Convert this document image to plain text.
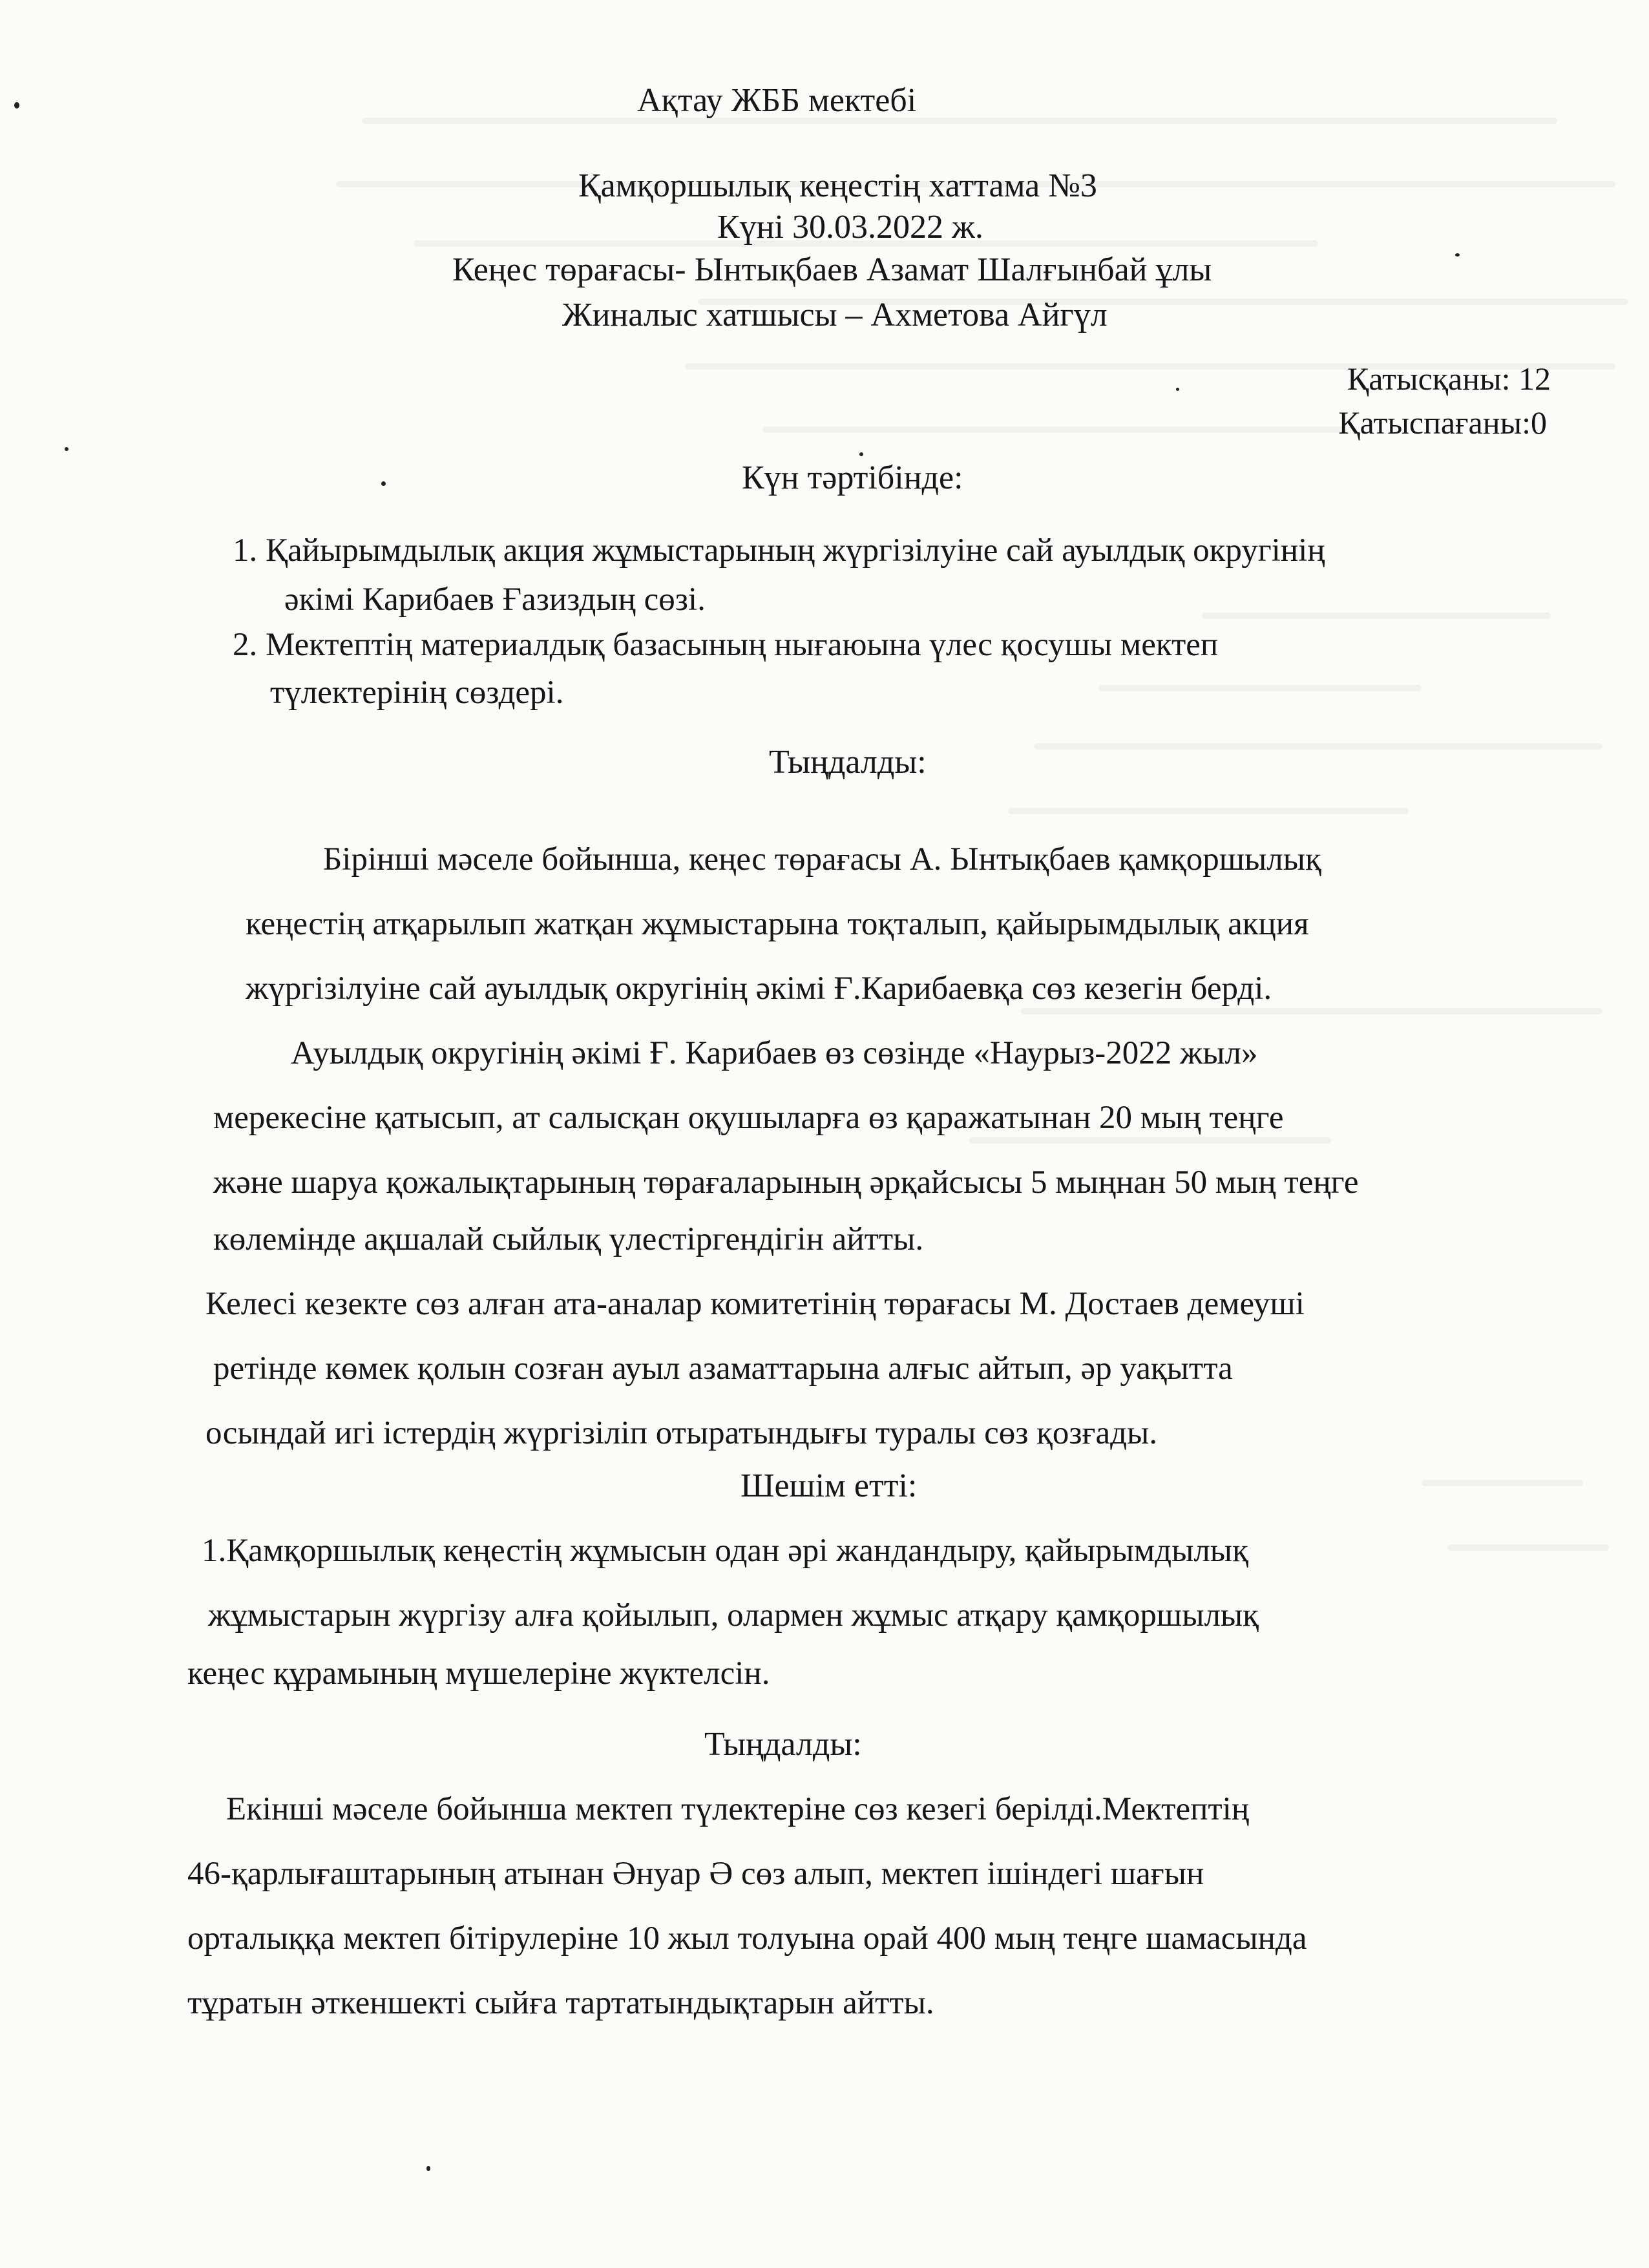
Ақтау ЖББ мектебі
Қамқоршылық кеңестің хаттама №3
Күні 30.03.2022 ж.
Кеңес төрағасы- Ынтықбаев Азамат Шалғынбай ұлы
Жиналыс хатшысы – Ахметова Айгүл
Қатысқаны: 12
Қатыспағаны:0
Күн тәртібінде:
1. Қайырымдылық акция жұмыстарының жүргізілуіне сай ауылдық округінің
әкімі Карибаев Ғазиздың сөзі.
2. Мектептің материалдық базасының нығаюына үлес қосушы мектеп
түлектерінің сөздері.
Тыңдалды:
Бірінші мәселе бойынша, кеңес төрағасы А. Ынтықбаев қамқоршылық
кеңестің атқарылып жатқан жұмыстарына тоқталып, қайырымдылық акция
жүргізілуіне сай ауылдық округінің әкімі Ғ.Карибаевқа сөз кезегін берді.
Ауылдық округінің әкімі Ғ. Карибаев өз сөзінде «Наурыз-2022 жыл»
мерекесіне қатысып, ат салысқан оқушыларға өз қаражатынан 20 мың теңге
және шаруа қожалықтарының төрағаларының әрқайсысы 5 мыңнан 50 мың теңге
көлемінде ақшалай сыйлық үлестіргендігін айтты.
Келесі кезекте сөз алған ата-аналар комитетінің төрағасы М. Достаев демеуші
ретінде көмек қолын созған ауыл азаматтарына алғыс айтып, әр уақытта
осындай игі істердің жүргізіліп отыратындығы туралы сөз қозғады.
Шешім етті:
1.Қамқоршылық кеңестің жұмысын одан әрі жандандыру, қайырымдылық
жұмыстарын жүргізу алға қойылып, олармен жұмыс атқару қамқоршылық
кеңес құрамының мүшелеріне жүктелсін.
Тыңдалды:
Екінші мәселе бойынша мектеп түлектеріне сөз кезегі берілді.Мектептің
46-қарлығаштарының атынан Әнуар Ә сөз алып, мектеп ішіндегі шағын
орталыққа мектеп бітірулеріне 10 жыл толуына орай 400 мың теңге шамасында
тұратын әткеншекті сыйға тартатындықтарын айтты.
